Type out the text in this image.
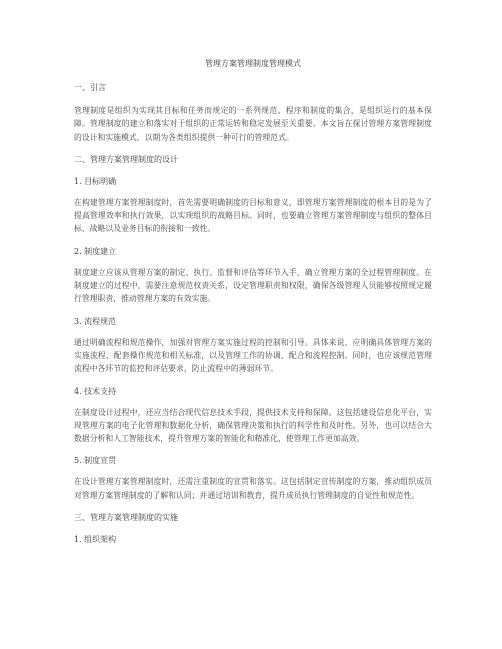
管理方案管理制度管理模式
一、引言
管理制度是组织为实现其目标和任务而规定的一系列规范、程序和制度的集合，是组织运行的基本保障。管理制度的建立和落实对于组织的正常运转和稳定发展至关重要。本文旨在探讨管理方案管理制度的设计和实施模式，以期为各类组织提供一种可行的管理范式。
二、管理方案管理制度的设计
1. 目标明确
在构建管理方案管理制度时，首先需要明确制度的目标和意义，即管理方案管理制度的根本目的是为了提高管理效率和执行效果，以实现组织的战略目标。同时，也要确立管理方案管理制度与组织的整体目标、战略以及业务目标的衔接和一致性。
2. 制度建立
制度建立应该从管理方案的制定、执行、监督和评估等环节入手，确立管理方案的全过程管理制度。在制度建立的过程中，需要注意规范权责关系，设定管理职责和权限，确保各级管理人员能够按照规定履行管理职责，推动管理方案的有效实施。
3. 流程规范
通过明确流程和规范操作，加强对管理方案实施过程的控制和引导。具体来说，应明确具体管理方案的实施流程、配套操作规范和相关标准，以及管理工作的协调、配合和流程控制。同时，也应该规范管理流程中各环节的监控和评估要求，防止流程中的薄弱环节。
4. 技术支持
在制度设计过程中，还应当结合现代信息技术手段，提供技术支持和保障。这包括建设信息化平台，实现管理方案的电子化管理和数据化分析，确保管理决策和执行的科学性和及时性。另外，也可以结合大数据分析和人工智能技术，提升管理方案的智能化和精准化，使管理工作更加高效。
5. 制度宣贯
在设计管理方案管理制度时，还需注重制度的宣贯和落实。这包括制定宣传制度的方案，推动组织成员对管理方案管理制度的了解和认同；并通过培训和教育，提升成员执行管理制度的自觉性和规范性。
三、管理方案管理制度的实施
1. 组织架构
